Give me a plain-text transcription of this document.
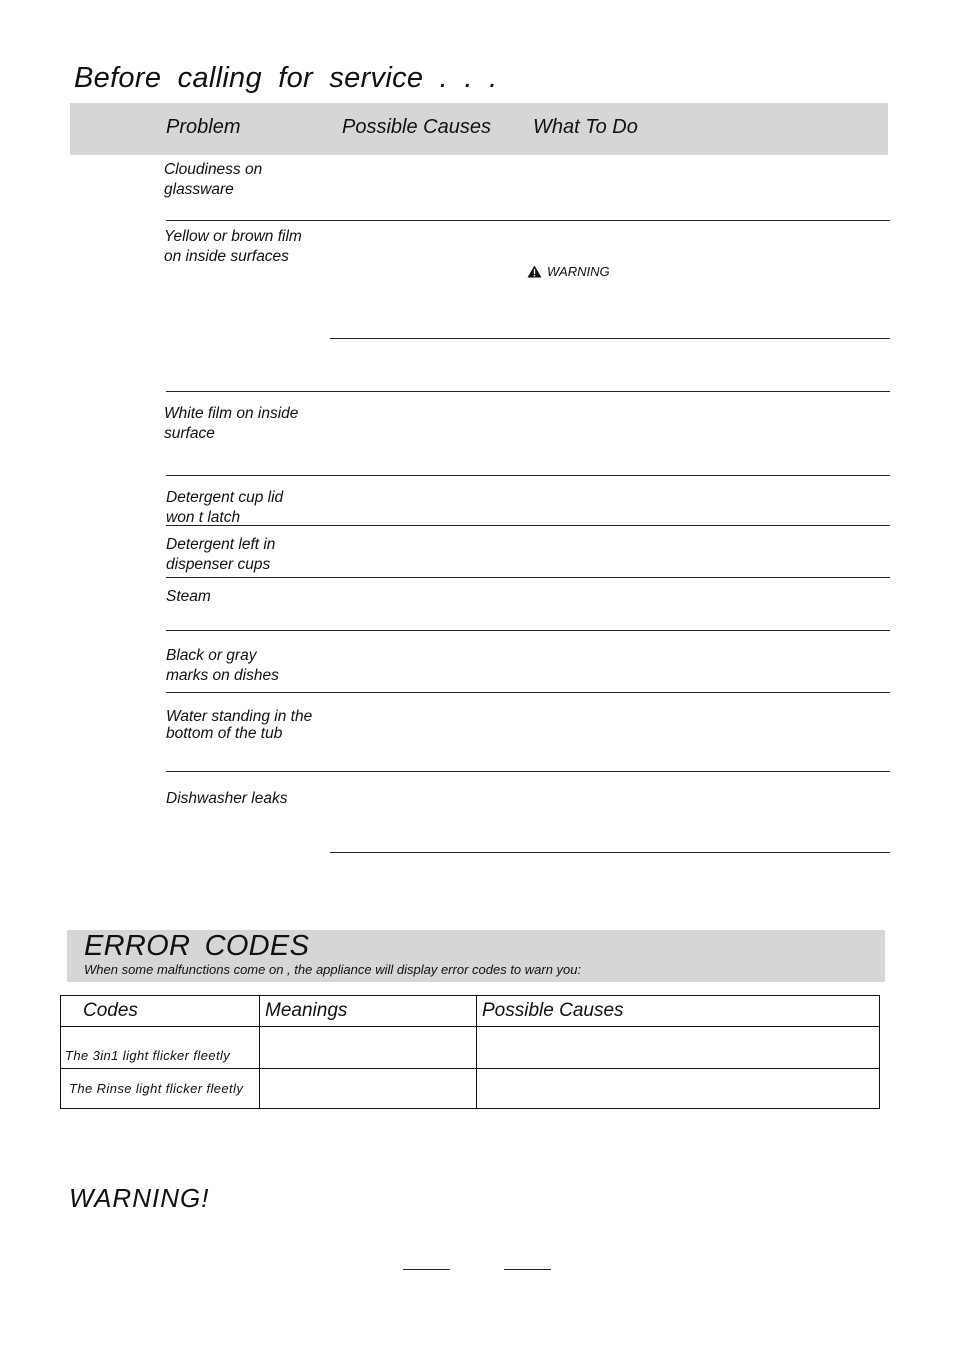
Before calling for service . . .
Problem	Possible Causes What To Do
Cloudiness on glassware
Yellow or brown film on inside surfaces
WARNING
White film on inside surface
Detergent cup lid won t latch
Detergent left in dispenser cups
Steam
Black or gray marks on dishes
Water standing in the bottom of the tub
Dishwasher leaks
ERROR CODES
When some malfunctions come on , the appliance will display error codes to warn you:
Codes	Meanings	Possible Causes
The 3in1 light flicker fleetly		
The Rinse light flicker fleetly		
WARNING!
